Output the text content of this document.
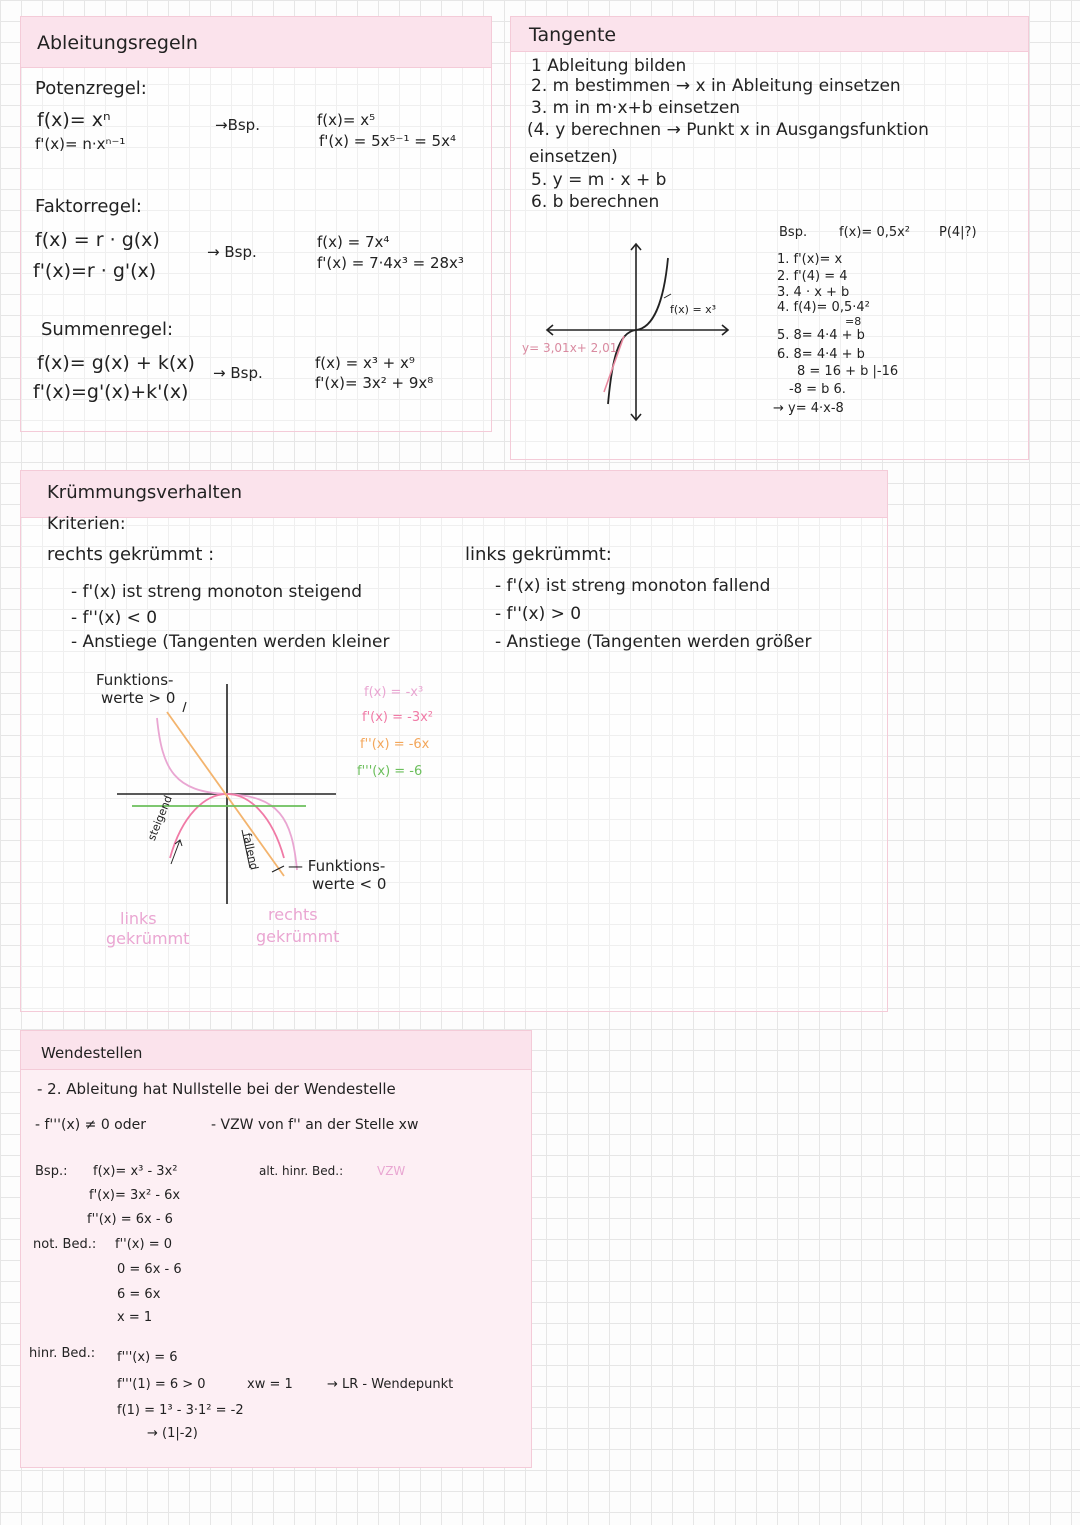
Ableitungsregeln
Potenzregel:
f(x)= xⁿ
f'(x)= n·xⁿ⁻¹
→Bsp.	f(x)= x⁵
f'(x) = 5x⁵⁻¹ = 5x⁴
Faktorregel:
f(x) = r · g(x)
f'(x)=r · g'(x)
→ Bsp.
f(x) = 7x⁴
f'(x) = 7·4x³ = 28x³
Summenregel:
f(x)= g(x) + k(x)
f'(x)=g'(x)+k'(x)
→ Bsp.
f(x) = x³ + x⁹
f'(x)= 3x² + 9x⁸
Tangente
1 Ableitung bilden
2. m bestimmen → x in Ableitung einsetzen
3. m in m·x+b einsetzen
(4. y berechnen → Punkt x in Ausgangsfunktion
einsetzen)
5. y = m · x + b
6. b berechnen
Bsp. f(x)= 0,5x² P(4|?)
1. f'(x)= x
2. f'(4) = 4
3. 4 · x + b
4. f(4)= 0,5·4²
=8
5. 8= 4·4 + b
6. 8= 4·4 + b
8 = 16 + b |-16
-8 = b 6.
→ y= 4·x-8
f(x) = x³
y= 3,01x+ 2,01
Krümmungsverhalten
Kriterien:
rechts gekrümmt :
- f'(x) ist streng monoton steigend
- f''(x) < 0
- Anstiege (Tangenten werden kleiner
links gekrümmt:
- f'(x) ist streng monoton fallend
- f''(x) > 0
- Anstiege (Tangenten werden größer
Funktions-
werte > 0
— Funktions-
werte < 0
steigend
fallend
links
gekrümmt
rechts
gekrümmt
f(x) = -x³
f'(x) = -3x²
f''(x) = -6x
f'''(x) = -6
Wendestellen
- 2. Ableitung hat Nullstelle bei der Wendestelle
- f'''(x) ≠ 0 oder	- VZW von f'' an der Stelle xw
Bsp.: f(x)= x³ - 3x²
f'(x)= 3x² - 6x
f''(x) = 6x - 6
alt. hinr. Bed.:	VZW
not. Bed.: f''(x) = 0
0 = 6x - 6
6 = 6x
x = 1
hinr. Bed.: f'''(x) = 6
f'''(1) = 6 > 0	xw = 1	→ LR - Wendepunkt
f(1) = 1³ - 3·1² = -2
→ (1|-2)
